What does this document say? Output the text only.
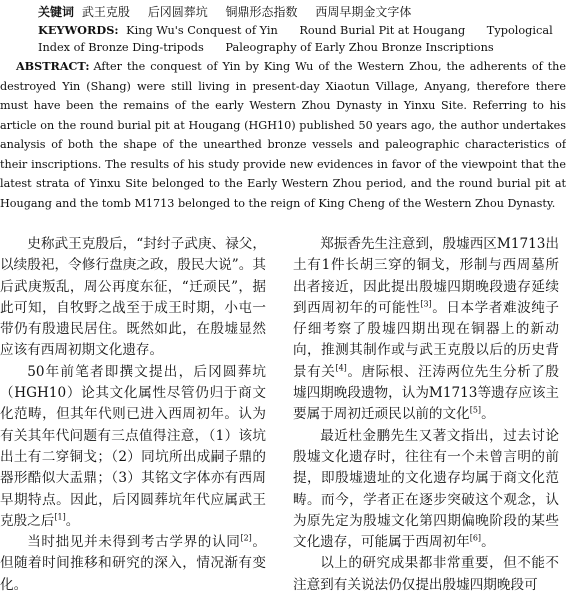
关键词 武王克殷 后冈圆葬坑 铜鼎形态指数 西周早期金文字体
KEYWORDS: King Wu's Conquest of Yin Round Burial Pit at Hougang Typological Index of Bronze Ding-tripods Paleography of Early Zhou Bronze Inscriptions

ABSTRACT: After the conquest of Yin by King Wu of the Western Zhou, the adherents of the destroyed Yin (Shang) were still living in present-day Xiaotun Village, Anyang, therefore there must have been the remains of the early Western Zhou Dynasty in Yinxu Site. Referring to his article on the round burial pit at Hougang (HGH10) published 50 years ago, the author undertakes analysis of both the shape of the unearthed bronze vessels and paleographic characteristics of their inscriptions. The results of his study provide new evidences in favor of the viewpoint that the latest strata of Yinxu Site belonged to the Early Western Zhou period, and the round burial pit at Hougang and the tomb M1713 belonged to the reign of King Cheng of the Western Zhou Dynasty.

史称武王克殷后，“封纣子武庚、禄父，以续殷祀，令修行盘庚之政，殷民大说”。其后武庚叛乱，周公再度东征，“迁顽民”，据此可知，自牧野之战至于成王时期，小屯一带仍有殷遗民居住。既然如此，在殷墟显然应该有西周初期文化遗存。

50年前笔者即撰文提出，后冈圆葬坑（HGH10）论其文化属性尽管仍归于商文化范畴，但其年代则已进入西周初年。认为有关其年代问题有三点值得注意，（1）该坑出土有二穿铜戈；（2）同坑所出成嗣子鼎的器形酷似大盂鼎；（3）其铭文字体亦有西周早期特点。因此，后冈圆葬坑年代应属武王克殷之后[1]。

当时拙见并未得到考古学界的认同[2]。但随着时间推移和研究的深入，情况渐有变化。

郑振香先生注意到，殷墟西区M1713出土有1件长胡三穿的铜戈，形制与西周墓所出者接近，因此提出殷墟四期晚段遗存延续到西周初年的可能性[3]。日本学者难波纯子仔细考察了殷墟四期出现在铜器上的新动向，推测其制作或与武王克殷以后的历史背景有关[4]。唐际根、汪涛两位先生分析了殷墟四期晚段遗物，认为M1713等遗存应该主要属于周初迁顽民以前的文化[5]。

最近杜金鹏先生又著文指出，过去讨论殷墟文化遗存时，往往有一个未曾言明的前提，即殷墟遗址的文化遗存均属于商文化范畴。而今，学者正在逐步突破这个观念，认为原先定为殷墟文化第四期偏晚阶段的某些文化遗存，可能属于西周初年[6]。

以上的研究成果都非常重要，但不能不注意到有关说法仍仅提出殷墟四期晚段可
